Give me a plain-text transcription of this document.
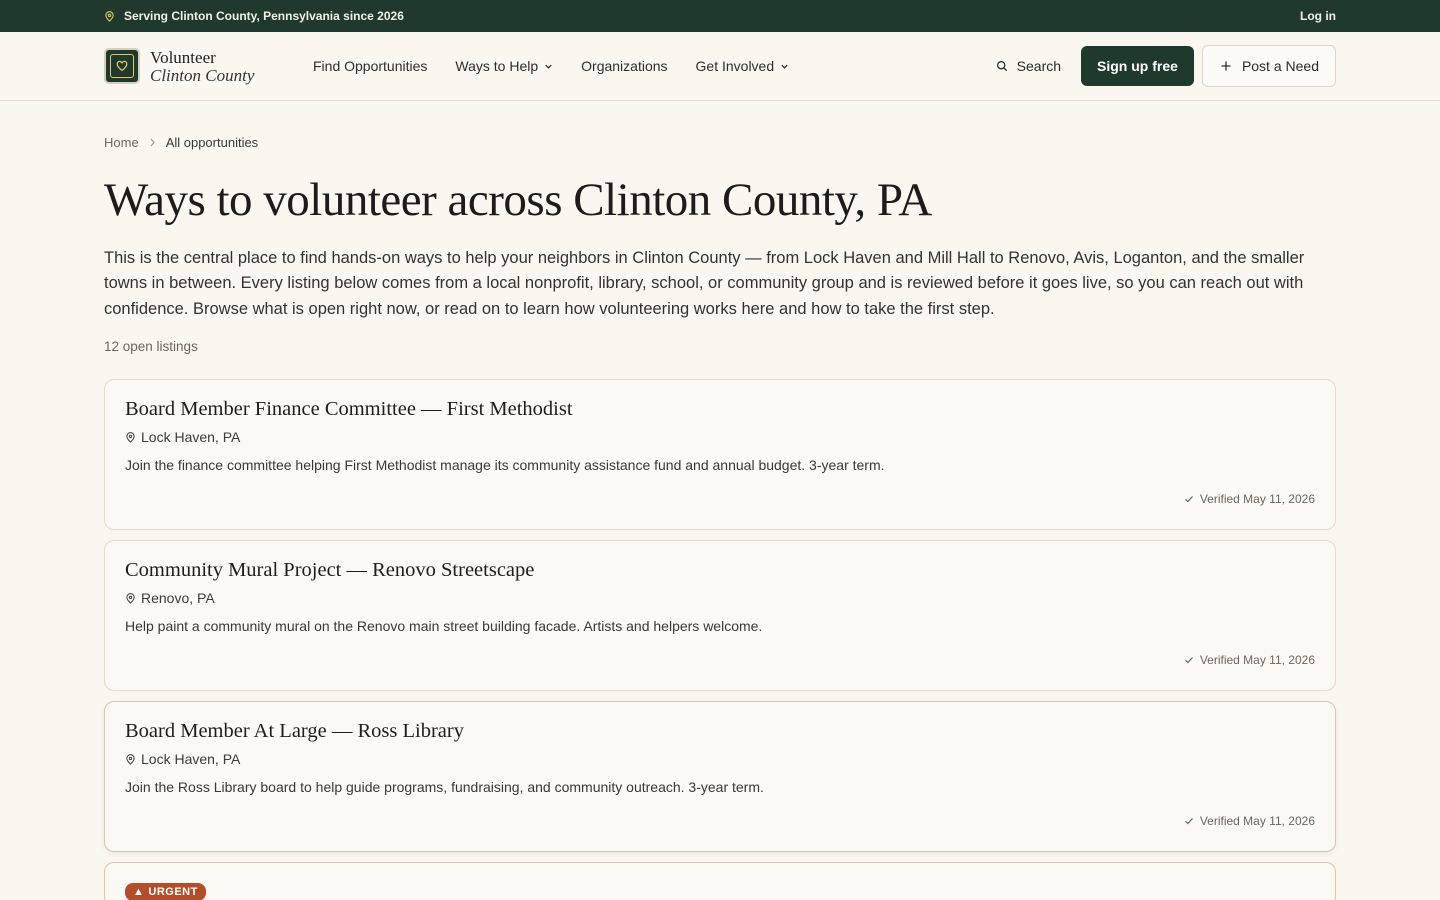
Serving Clinton County, Pennsylvania since 2026	Log in
Volunteer
Clinton County	Find Opportunities Ways to Help	Organizations Get Involved	Search	Sign up free	Post a Need
Home All opportunities
Ways to volunteer across Clinton County, PA

This is the central place to find hands-on ways to help your neighbors in Clinton County — from Lock Haven and Mill Hall to Renovo, Avis, Loganton, and the smaller towns in between. Every listing below comes from a local nonprofit, library, school, or community group and is reviewed before it goes live, so you can reach out with confidence. Browse what is open right now, or read on to learn how volunteering works here and how to take the first step.

12 open listings
Board Member Finance Committee — First Methodist
Lock Haven, PA
Join the finance committee helping First Methodist manage its community assistance fund and annual budget. 3-year term.
Verified May 11, 2026
Community Mural Project — Renovo Streetscape
Renovo, PA
Help paint a community mural on the Renovo main street building facade. Artists and helpers welcome.
Verified May 11, 2026
Board Member At Large — Ross Library
Lock Haven, PA
Join the Ross Library board to help guide programs, fundraising, and community outreach. 3-year term.
Verified May 11, 2026
▲ URGENT
